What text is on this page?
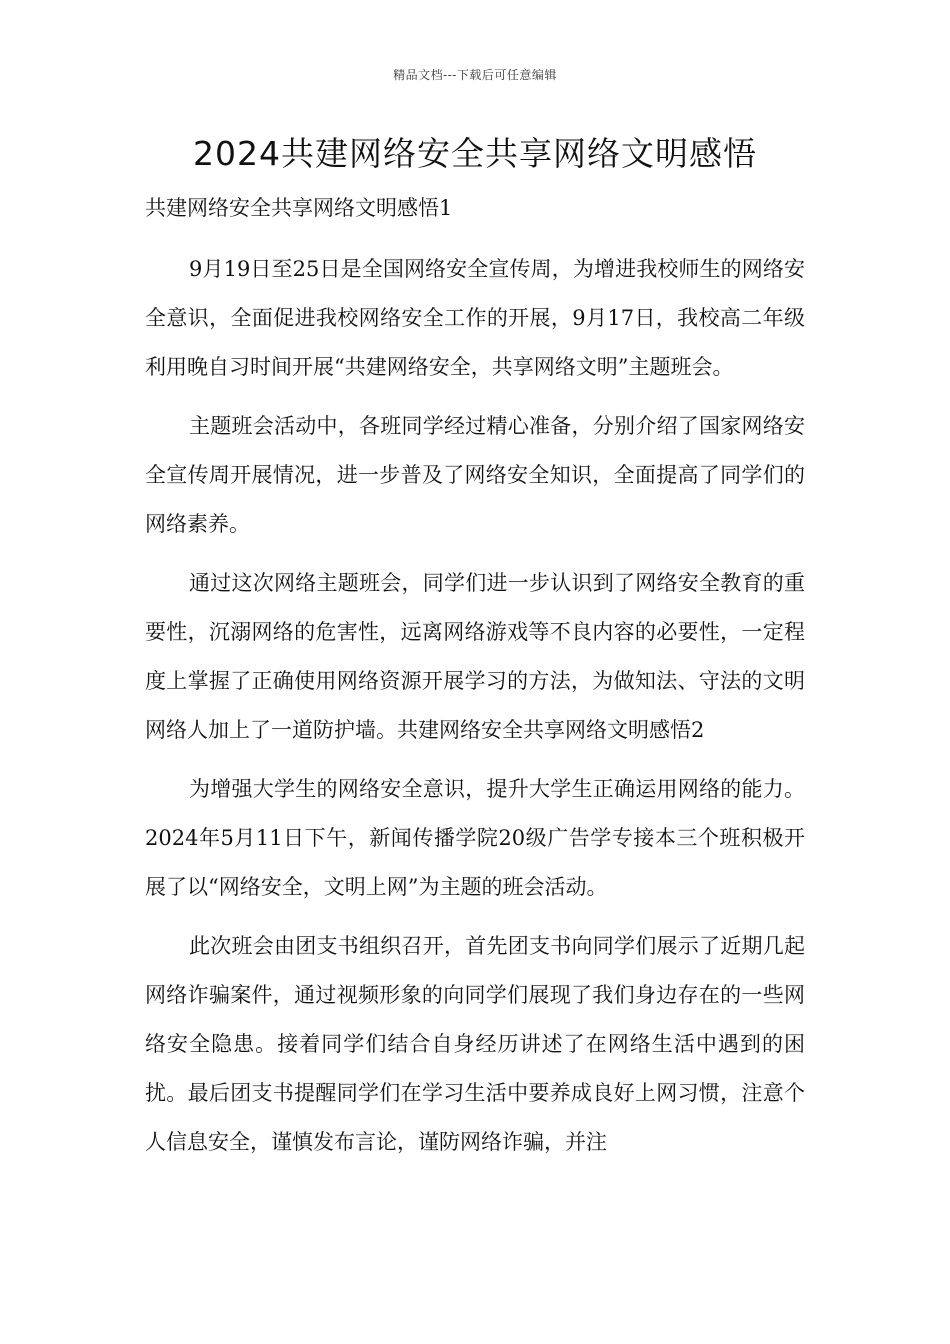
精品文档---下载后可任意编辑
2024共建网络安全共享网络文明感悟

共建网络安全共享网络文明感悟1

9月19日至25日是全国网络安全宣传周，为增进我校师生的网络安全意识，全面促进我校网络安全工作的开展，9月17日，我校高二年级利用晚自习时间开展“共建网络安全，共享网络文明”主题班会。

主题班会活动中，各班同学经过精心准备，分别介绍了国家网络安全宣传周开展情况，进一步普及了网络安全知识，全面提高了同学们的网络素养。

通过这次网络主题班会，同学们进一步认识到了网络安全教育的重要性，沉溺网络的危害性，远离网络游戏等不良内容的必要性，一定程度上掌握了正确使用网络资源开展学习的方法，为做知法、守法的文明网络人加上了一道防护墙。共建网络安全共享网络文明感悟2

为增强大学生的网络安全意识，提升大学生正确运用网络的能力。2024年5月11日下午，新闻传播学院20级广告学专接本三个班积极开展了以“网络安全，文明上网”为主题的班会活动。

此次班会由团支书组织召开，首先团支书向同学们展示了近期几起网络诈骗案件，通过视频形象的向同学们展现了我们身边存在的一些网络安全隐患。接着同学们结合自身经历讲述了在网络生活中遇到的困扰。最后团支书提醒同学们在学习生活中要养成良好上网习惯，注意个人信息安全，谨慎发布言论，谨防网络诈骗，并注
